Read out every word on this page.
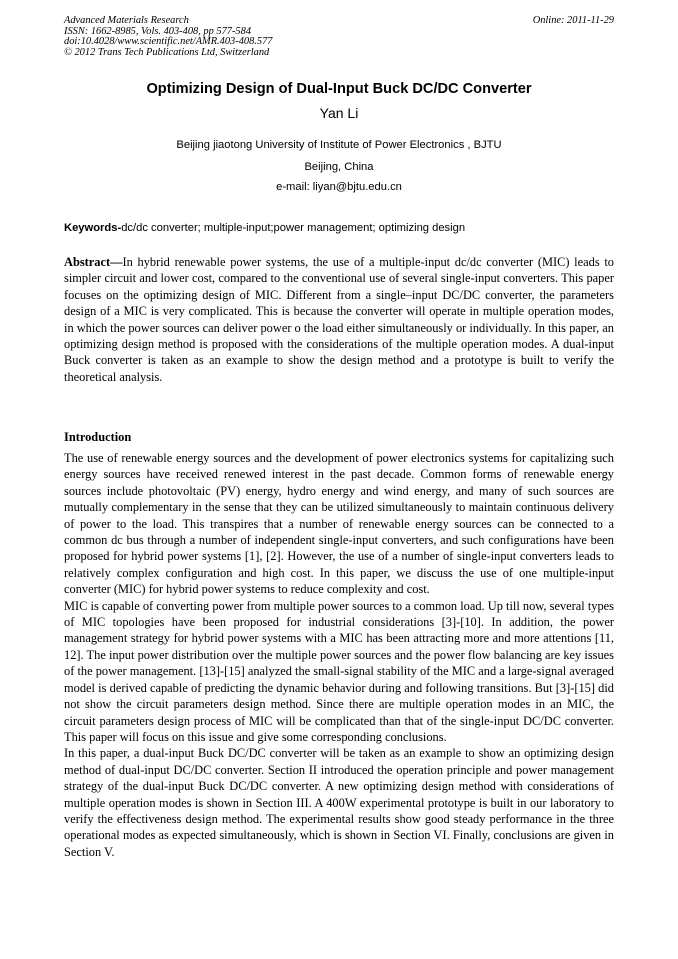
Advanced Materials Research
ISSN: 1662-8985, Vols. 403-408, pp 577-584
doi:10.4028/www.scientific.net/AMR.403-408.577
© 2012 Trans Tech Publications Ltd, Switzerland
Online: 2011-11-29
Optimizing Design of Dual-Input Buck DC/DC Converter
Yan Li
Beijing jiaotong University of Institute of Power Electronics , BJTU
Beijing, China
e-mail: liyan@bjtu.edu.cn
Keywords-dc/dc converter; multiple-input;power management; optimizing design

Abstract—In hybrid renewable power systems, the use of a multiple-input dc/dc converter (MIC) leads to simpler circuit and lower cost, compared to the conventional use of several single-input converters. This paper focuses on the optimizing design of MIC. Different from a single–input DC/DC converter, the parameters design of a MIC is very complicated. This is because the converter will operate in multiple operation modes, in which the power sources can deliver power o the load either simultaneously or individually. In this paper, an optimizing design method is proposed with the considerations of the multiple operation modes. A dual-input Buck converter is taken as an example to show the design method and a prototype is built to verify the theoretical analysis.

Introduction

The use of renewable energy sources and the development of power electronics systems for capitalizing such energy sources have received renewed interest in the past decade. Common forms of renewable energy sources include photovoltaic (PV) energy, hydro energy and wind energy, and many of such sources are mutually complementary in the sense that they can be utilized simultaneously to maintain continuous delivery of power to the load. This transpires that a number of renewable energy sources can be connected to a common dc bus through a number of independent single-input converters, and such configurations have been proposed for hybrid power systems [1], [2]. However, the use of a number of single-input converters leads to relatively complex configuration and high cost. In this paper, we discuss the use of one multiple-input converter (MIC) for hybrid power systems to reduce complexity and cost.

MIC is capable of converting power from multiple power sources to a common load. Up till now, several types of MIC topologies have been proposed for industrial considerations [3]-[10]. In addition, the power management strategy for hybrid power systems with a MIC has been attracting more and more attentions [11, 12]. The input power distribution over the multiple power sources and the power flow balancing are key issues of the power management. [13]-[15] analyzed the small-signal stability of the MIC and a large-signal averaged model is derived capable of predicting the dynamic behavior during and following transitions. But [3]-[15] did not show the circuit parameters design method. Since there are multiple operation modes in an MIC, the circuit parameters design process of MIC will be complicated than that of the single-input DC/DC converter. This paper will focus on this issue and give some corresponding conclusions.

In this paper, a dual-input Buck DC/DC converter will be taken as an example to show an optimizing design method of dual-input DC/DC converter. Section II introduced the operation principle and power management strategy of the dual-input Buck DC/DC converter. A new optimizing design method with considerations of multiple operation modes is shown in Section III. A 400W experimental prototype is built in our laboratory to verify the effectiveness design method. The experimental results show good steady performance in the three operational modes as expected simultaneously, which is shown in Section VI. Finally, conclusions are given in Section V.
